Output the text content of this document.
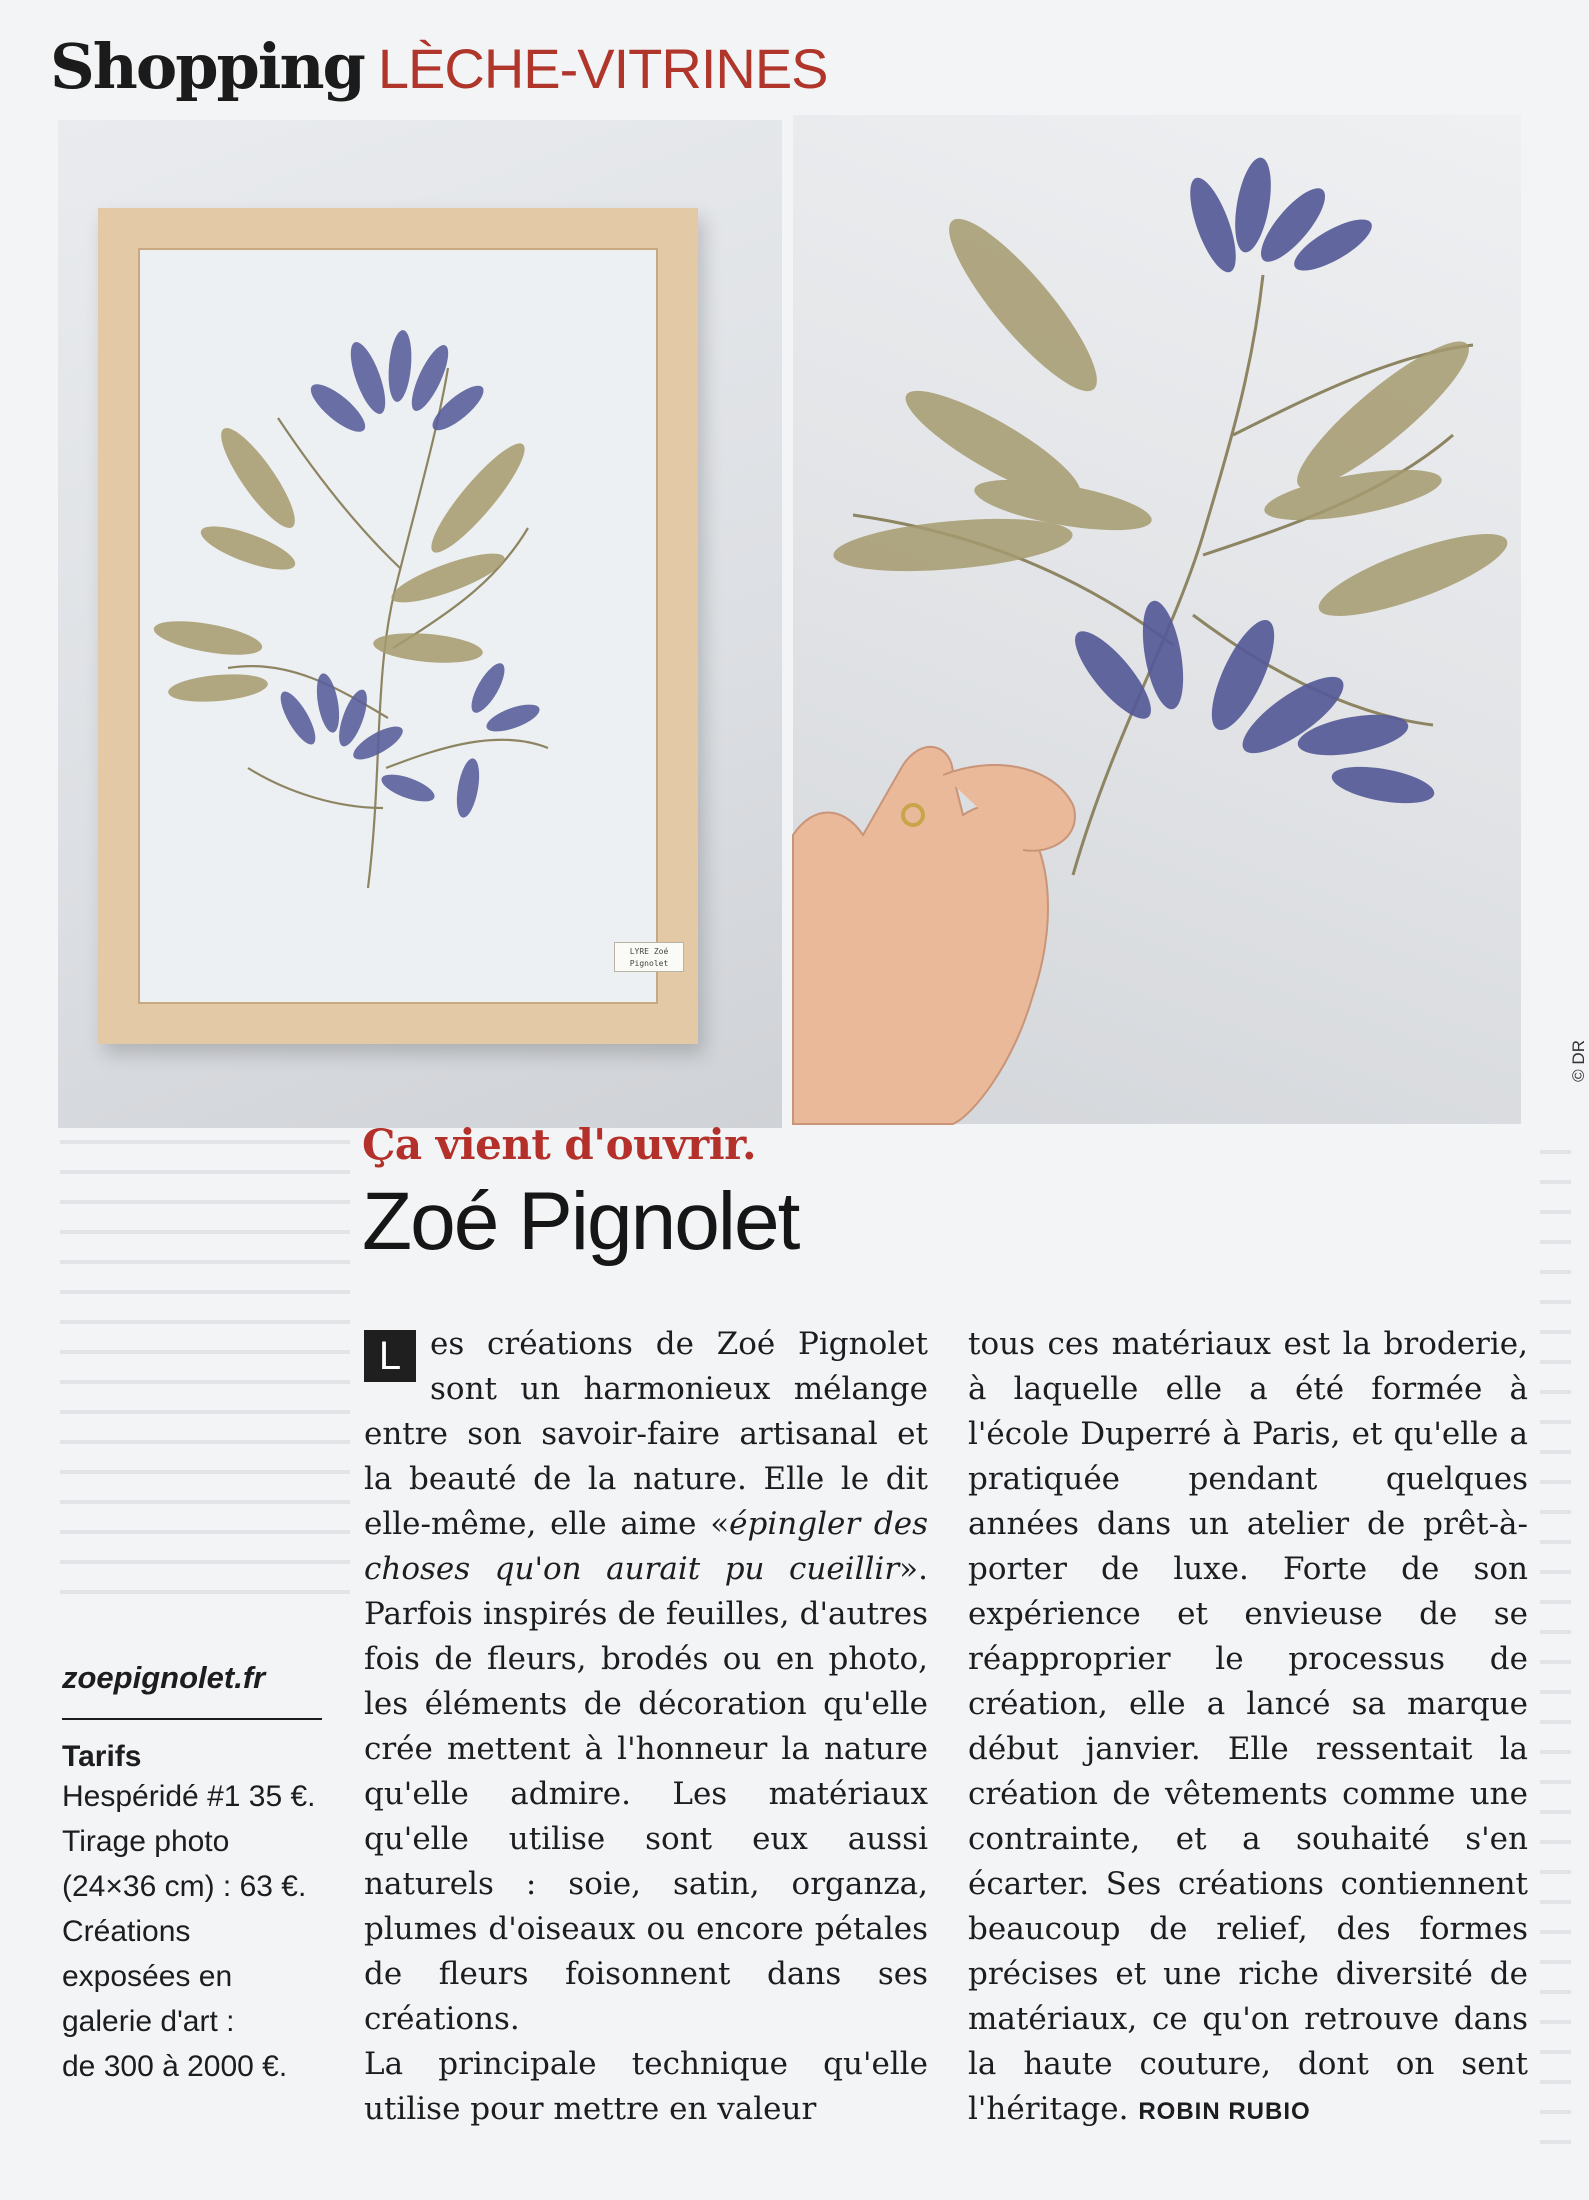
Shopping LÈCHE-VITRINES
LYRE Zoé Pignolet
© DR
Ça vient d'ouvrir.
Zoé Pignolet

L es créations de Zoé Pignolet sont un harmonieux mélange entre son savoir-faire artisanal et la beauté de la nature. Elle le dit elle-même, elle aime «épingler des choses qu'on aurait pu cueillir». Parfois inspirés de feuilles, d'autres fois de fleurs, brodés ou en photo, les éléments de décoration qu'elle crée mettent à l'honneur la nature qu'elle admire. Les matériaux qu'elle utilise sont eux aussi naturels : soie, satin, organza, plumes d'oiseaux ou encore pétales de fleurs foisonnent dans ses créations.

La principale technique qu'elle utilise pour mettre en valeur

tous ces matériaux est la broderie, à laquelle elle a été formée à l'école Duperré à Paris, et qu'elle a pratiquée pendant quelques années dans un atelier de prêt-à-porter de luxe. Forte de son expérience et envieuse de se réapproprier le processus de création, elle a lancé sa marque début janvier. Elle ressentait la création de vêtements comme une contrainte, et a souhaité s'en écarter. Ses créations contiennent beaucoup de relief, des formes précises et une riche diversité de matériaux, ce qu'on retrouve dans la haute couture, dont on sent l'héritage. ROBIN RUBIO

zoepignolet.fr
Tarifs
Hespéridé #1 35 €.
Tirage photo
(24×36 cm) : 63 €.
Créations
exposées en
galerie d'art :
de 300 à 2000 €.
